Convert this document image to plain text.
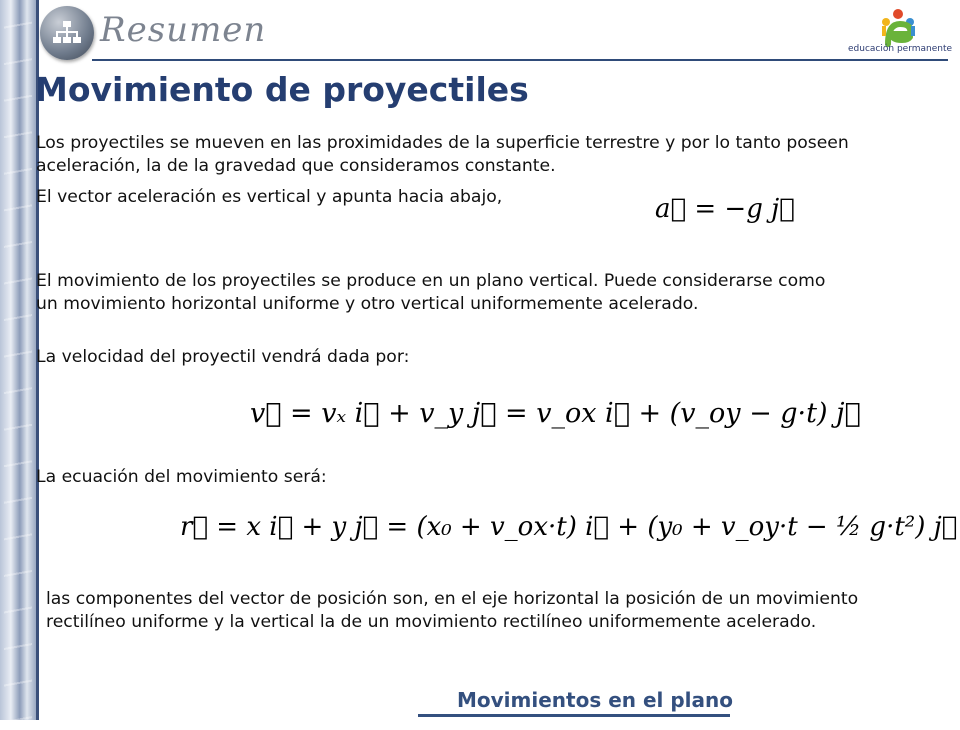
Resumen	educación permanente
Movimiento de proyectiles

Los proyectiles se mueven en las proximidades de la superficie terrestre y por lo tanto poseen aceleración, la de la gravedad que consideramos constante.

El vector aceleración es vertical y apunta hacia abajo,	a⃗ = −g j⃗

El movimiento de los proyectiles se produce en un plano vertical. Puede considerarse como un movimiento horizontal uniforme y otro vertical uniformemente acelerado.

La velocidad del proyectil vendrá dada por:

v⃗ = vₓ i⃗ + v_y j⃗ = v_ox i⃗ + (v_oy − g·t) j⃗

La ecuación del movimiento será:

r⃗ = x i⃗ + y j⃗ = (x₀ + v_ox·t) i⃗ + (y₀ + v_oy·t − ½ g·t²) j⃗

las componentes del vector de posición son, en el eje horizontal la posición de un movimiento rectilíneo uniforme y la vertical la de un movimiento rectilíneo uniformemente acelerado.

Movimientos en el plano
